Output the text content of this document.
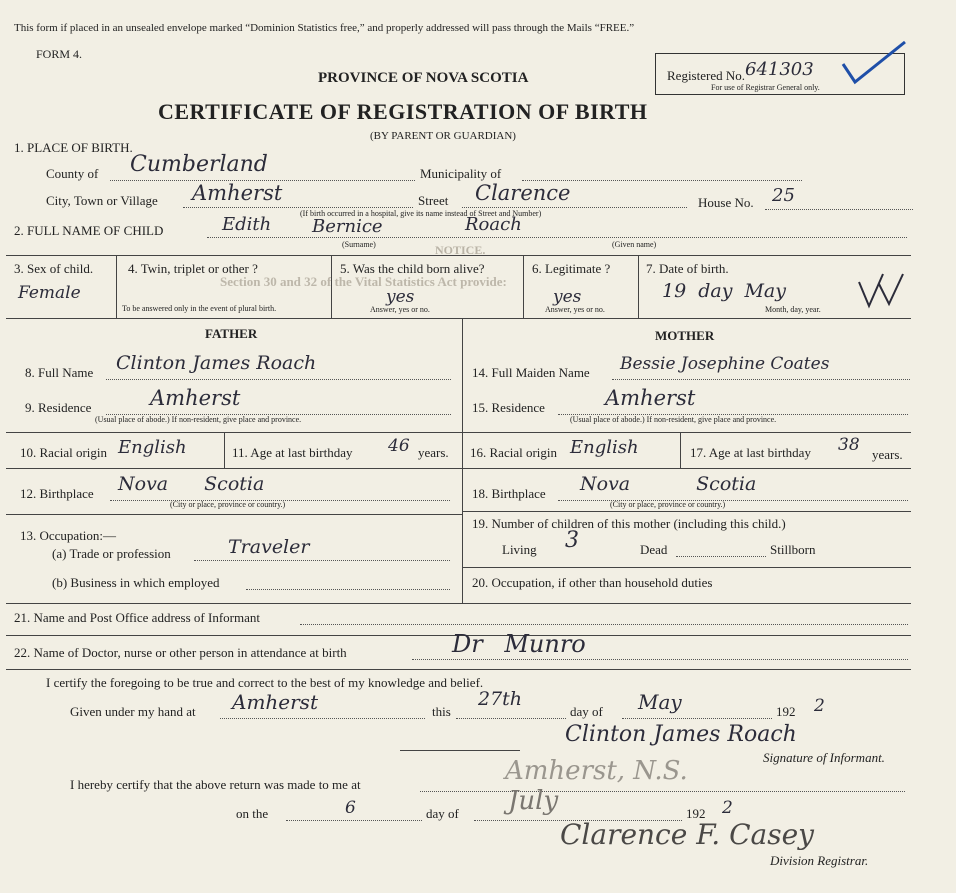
NOTICE.
Section 30 and 32 of the Vital Statistics Act provide:
This form if placed in an unsealed envelope marked “Dominion Statistics free,” and properly addressed will pass through the Mails “FREE.”
FORM 4.
PROVINCE OF NOVA SCOTIA
CERTIFICATE OF REGISTRATION OF BIRTH
(BY PARENT OR GUARDIAN)
Registered No. 641303
For use of Registrar General only.
1. PLACE OF BIRTH.
County of Cumberland	Municipality of
City, Town or Village Amherst	Street Clarence	House No. 25
(If birth occurred in a hospital, give its name instead of Street and Number)
2. FULL NAME OF CHILD	Edith Bernice	Roach
(Surname)	(Given name)
3. Sex of child.
Female
4. Twin, triplet or other ?
To be answered only in the event of plural birth.
5. Was the child born alive?
yes
Answer, yes or no.
6. Legitimate ?
yes
Answer, yes or no.
7. Date of birth.
19 day May
Month, day, year.
FATHER	MOTHER
8. Full Name Clinton James Roach
9. Residence	Amherst
(Usual place of abode.) If non-resident, give place and province.
10. Racial origin English	11. Age at last birthday 46 years.
12. Birthplace Nova Scotia
(City or place, province or country.)
13. Occupation:—
(a) Trade or profession	Traveler
(b) Business in which employed
14. Full Maiden Name Bessie Josephine Coates
15. Residence	Amherst
(Usual place of abode.) If non-resident, give place and province.
16. Racial origin English	17. Age at last birthday 38 years.
18. Birthplace Nova Scotia
(City or place, province or country.)
19. Number of children of this mother (including this child.)
Living 3	Dead	Stillborn
20. Occupation, if other than household duties
21. Name and Post Office address of Informant
22. Name of Doctor, nurse or other person in attendance at birth	Dr Munro
I certify the foregoing to be true and correct to the best of my knowledge and belief.
Given under my hand at Amherst	this
27th
day of May	192 2
Clinton James Roach
Signature of Informant.
I hereby certify that the above return was made to me at	Amherst, N.S.
on the	6	day of July	192 2
Clarence F. Casey
Division Registrar.
